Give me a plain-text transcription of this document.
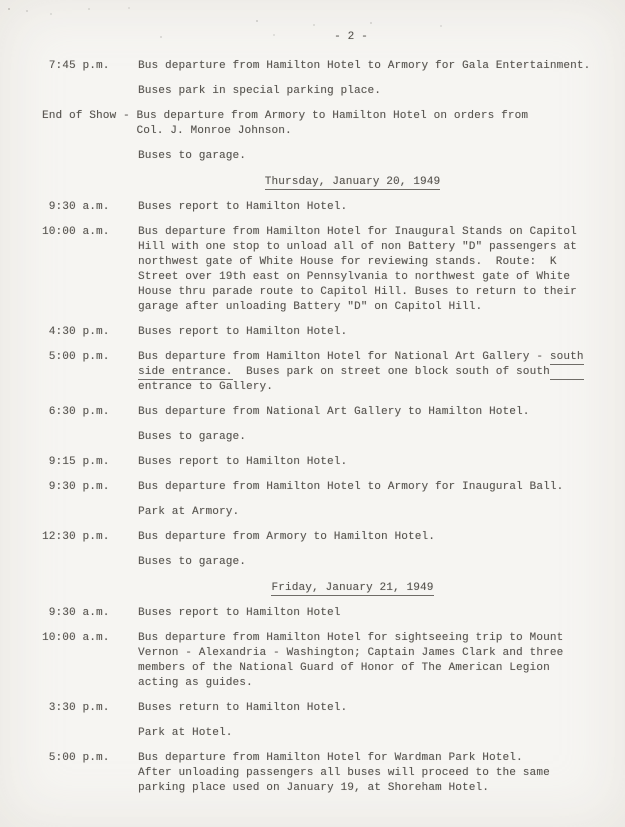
- 2 -
7:45 p.m.	Bus departure from Hamilton Hotel to Armory for Gala Entertainment.
Buses park in special parking place.
End of Show - Bus departure from Armory to Hamilton Hotel on orders from
Col. J. Monroe Johnson.
Buses to garage.
Thursday, January 20, 1949
9:30 a.m.	Buses report to Hamilton Hotel.
10:00 a.m.	Bus departure from Hamilton Hotel for Inaugural Stands on Capitol
Hill with one stop to unload all of non Battery "D" passengers at
northwest gate of White House for reviewing stands.  Route:  K
Street over 19th east on Pennsylvania to northwest gate of White
House thru parade route to Capitol Hill. Buses to return to their
garage after unloading Battery "D" on Capitol Hill.
4:30 p.m.	Buses report to Hamilton Hotel.
5:00 p.m.	Bus departure from Hamilton Hotel for National Art Gallery - south
side entrance.  Buses park on street one block south of south
entrance to Gallery.
6:30 p.m.	Bus departure from National Art Gallery to Hamilton Hotel.
Buses to garage.
9:15 p.m.	Buses report to Hamilton Hotel.
9:30 p.m.	Bus departure from Hamilton Hotel to Armory for Inaugural Ball.
Park at Armory.
12:30 p.m.	Bus departure from Armory to Hamilton Hotel.
Buses to garage.
Friday, January 21, 1949
9:30 a.m.	Buses report to Hamilton Hotel
10:00 a.m.	Bus departure from Hamilton Hotel for sightseeing trip to Mount
Vernon - Alexandria - Washington; Captain James Clark and three
members of the National Guard of Honor of The American Legion
acting as guides.
3:30 p.m.	Buses return to Hamilton Hotel.
Park at Hotel.
5:00 p.m.	Bus departure from Hamilton Hotel for Wardman Park Hotel.
After unloading passengers all buses will proceed to the same
parking place used on January 19, at Shoreham Hotel.
